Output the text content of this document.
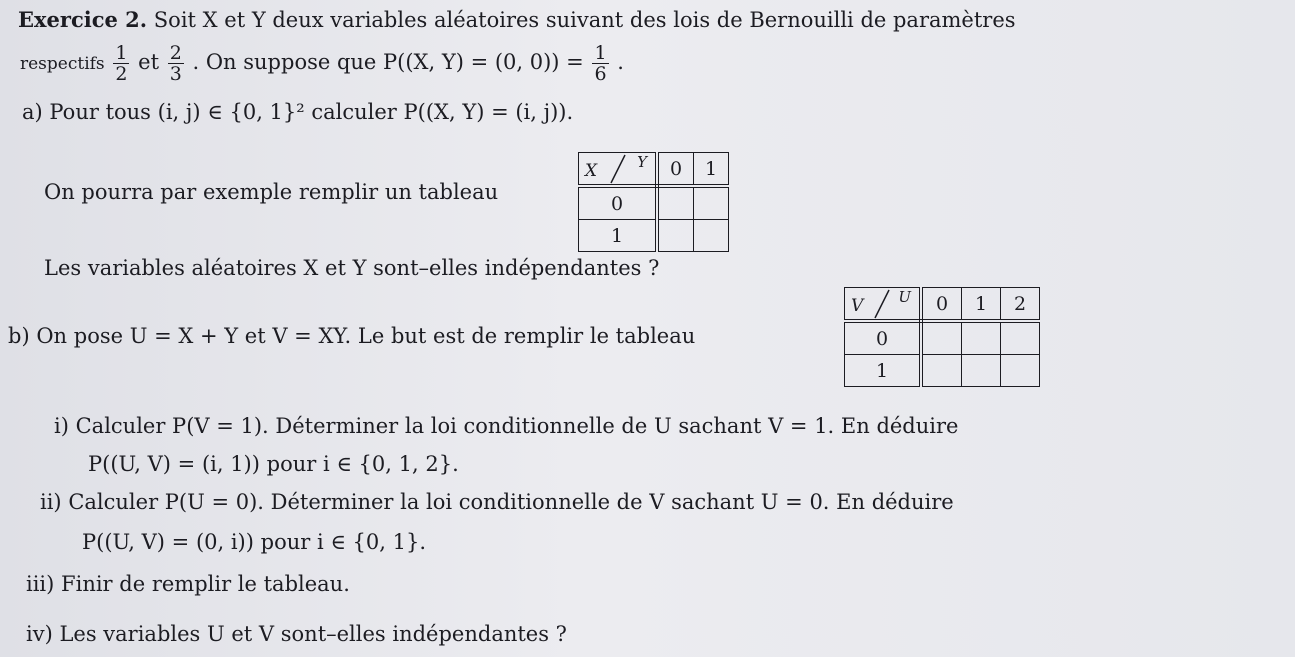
Exercice 2. Soit X et Y deux variables aléatoires suivant des lois de Bernouilli de paramètres
respectifs $\frac{1}{2}$ et $\frac{2}{3}$ . On suppose que P((X, Y) = (0, $0)) = \frac{1}{6}$ .
a) Pour tous (i, j) ∈ {0, 1}² calculer P((X, Y) = (i, j)).
On pourra par exemple remplir un tableau
X Y	0	1
0		
1		
Les variables aléatoires X et Y sont–elles indépendantes ?
b) On pose U = X + Y et V = XY. Le but est de remplir le tableau
V U	0	1	2
0			
1			
i) Calculer P(V = 1). Déterminer la loi conditionnelle de U sachant V = 1. En déduire
P((U, V) = (i, 1)) pour i ∈ {0, 1, 2}.
ii) Calculer P(U = 0). Déterminer la loi conditionnelle de V sachant U = 0. En déduire
P((U, V) = (0, i)) pour i ∈ {0, 1}.
iii) Finir de remplir le tableau.
iv) Les variables U et V sont–elles indépendantes ?
